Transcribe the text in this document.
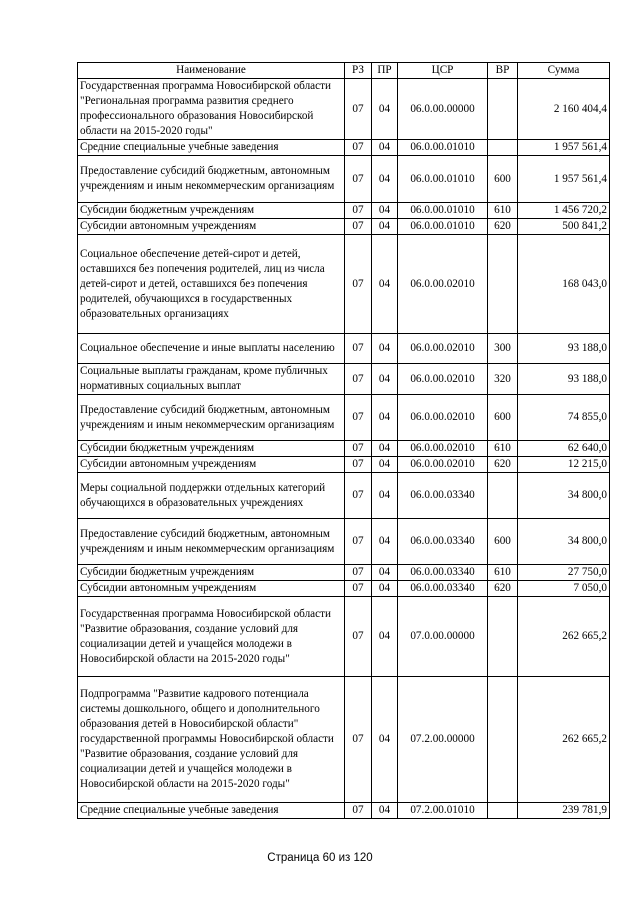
Наименование	РЗ	ПР	ЦСР	ВР	Сумма
Государственная программа Новосибирской области "Региональная программа развития среднего профессионального образования Новосибирской области на 2015-2020 годы"	07	04	06.0.00.00000		2 160 404,4
Средние специальные учебные заведения	07	04	06.0.00.01010		1 957 561,4
Предоставление субсидий бюджетным, автономным учреждениям и иным некоммерческим организациям	07	04	06.0.00.01010	600	1 957 561,4
Субсидии бюджетным учреждениям	07	04	06.0.00.01010	610	1 456 720,2
Субсидии автономным учреждениям	07	04	06.0.00.01010	620	500 841,2
Социальное обеспечение детей-сирот и детей, оставшихся без попечения родителей, лиц из числа детей-сирот и детей, оставшихся без попечения родителей, обучающихся в государственных образовательных организациях	07	04	06.0.00.02010		168 043,0
Социальное обеспечение и иные выплаты населению	07	04	06.0.00.02010	300	93 188,0
Социальные выплаты гражданам, кроме публичных нормативных социальных выплат	07	04	06.0.00.02010	320	93 188,0
Предоставление субсидий бюджетным, автономным учреждениям и иным некоммерческим организациям	07	04	06.0.00.02010	600	74 855,0
Субсидии бюджетным учреждениям	07	04	06.0.00.02010	610	62 640,0
Субсидии автономным учреждениям	07	04	06.0.00.02010	620	12 215,0
Меры социальной поддержки отдельных категорий обучающихся в образовательных учреждениях	07	04	06.0.00.03340		34 800,0
Предоставление субсидий бюджетным, автономным учреждениям и иным некоммерческим организациям	07	04	06.0.00.03340	600	34 800,0
Субсидии бюджетным учреждениям	07	04	06.0.00.03340	610	27 750,0
Субсидии автономным учреждениям	07	04	06.0.00.03340	620	7 050,0
Государственная программа Новосибирской области "Развитие образования, создание условий для социализации детей и учащейся молодежи в Новосибирской области на 2015-2020 годы"	07	04	07.0.00.00000		262 665,2
Подпрограмма "Развитие кадрового потенциала системы дошкольного, общего и дополнительного образования детей в Новосибирской области" государственной программы Новосибирской области "Развитие образования, создание условий для социализации детей и учащейся молодежи в Новосибирской области на 2015-2020 годы"	07	04	07.2.00.00000		262 665,2
Средние специальные учебные заведения	07	04	07.2.00.01010		239 781,9
Страница 60 из 120
